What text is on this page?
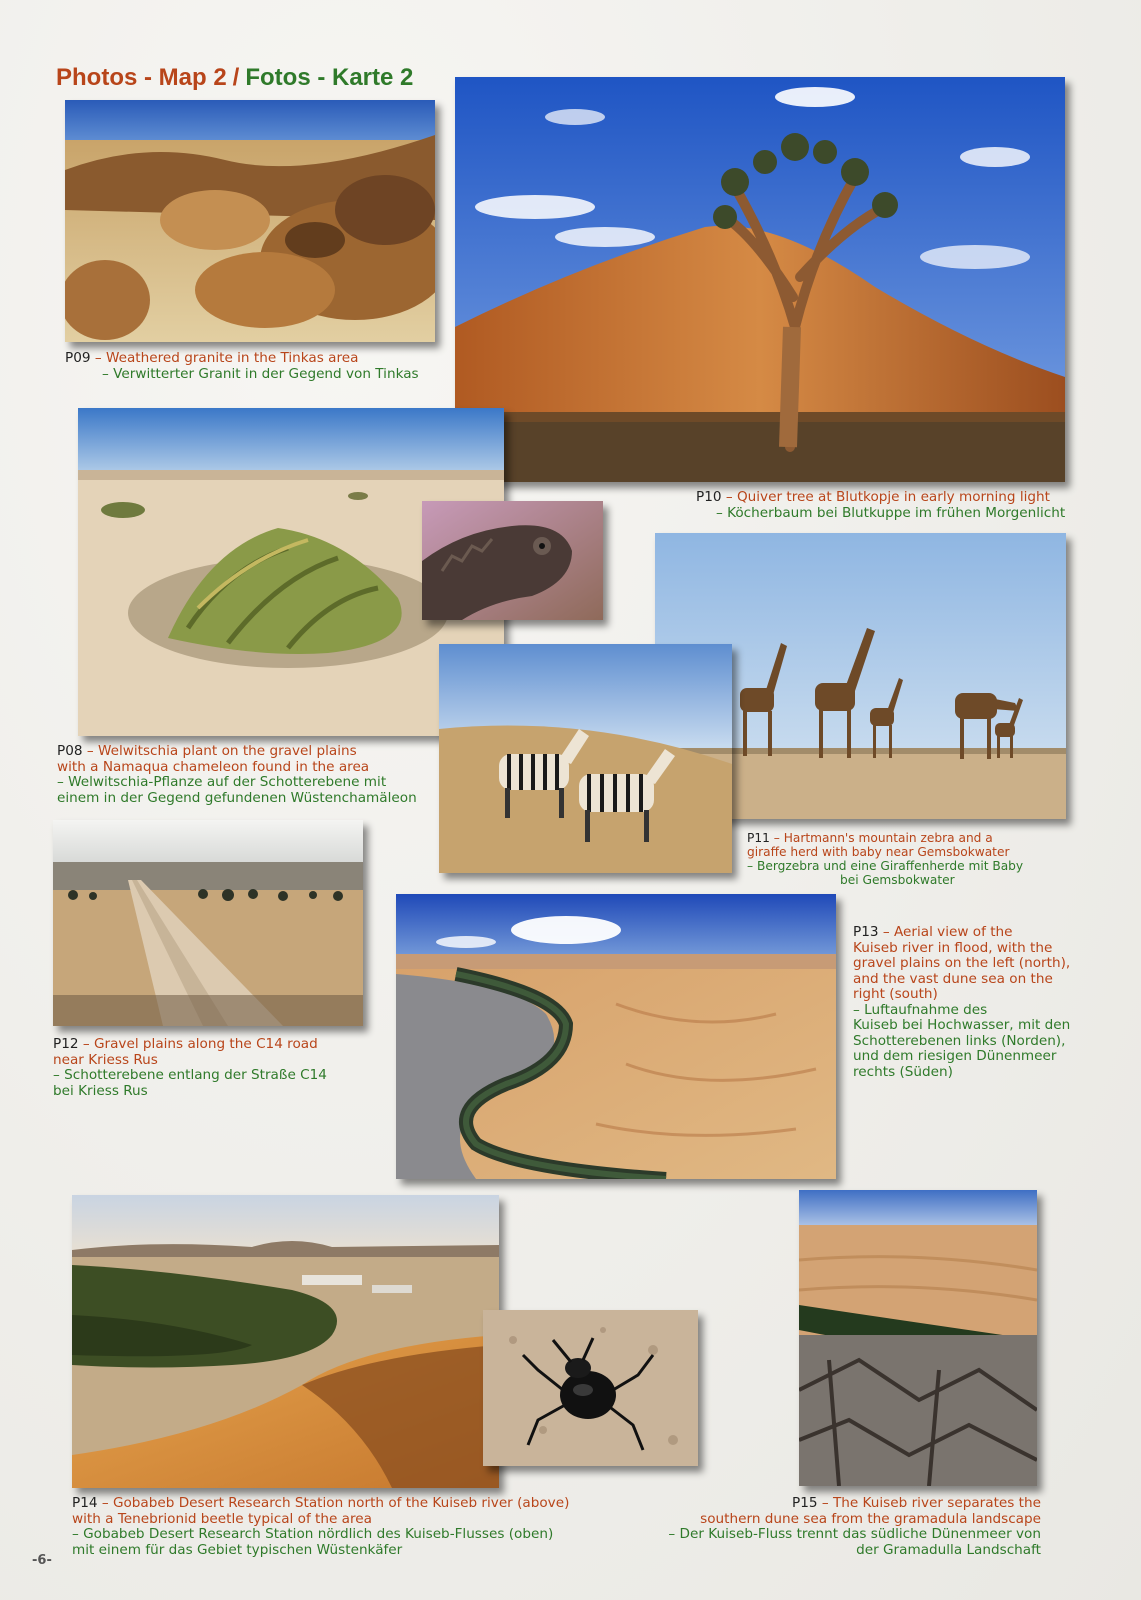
Photos - Map 2 / Fotos - Karte 2
P09 – Weathered granite in the Tinkas area
– Verwitterter Granit in der Gegend von Tinkas
P10 – Quiver tree at Blutkopje in early morning light
– Köcherbaum bei Blutkuppe im frühen Morgenlicht
P08 – Welwitschia plant on the gravel plains
with a Namaqua chameleon found in the area
– Welwitschia-Pflanze auf der Schotterebene mit
einem in der Gegend gefundenen Wüstenchamäleon
P11 – Hartmann's mountain zebra and a
giraffe herd with baby near Gemsbokwater
– Bergzebra und eine Giraffenherde mit Baby
bei Gemsbokwater
P12 – Gravel plains along the C14 road
near Kriess Rus
– Schotterebene entlang der Straße C14
bei Kriess Rus
P13 – Aerial view of the
Kuiseb river in flood, with the
gravel plains on the left (north),
and the vast dune sea on the
right (south)
– Luftaufnahme des
Kuiseb bei Hochwasser, mit den
Schotterebenen links (Norden),
und dem riesigen Dünenmeer
rechts (Süden)
P14 – Gobabeb Desert Research Station north of the Kuiseb river (above)
with a Tenebrionid beetle typical of the area
– Gobabeb Desert Research Station nördlich des Kuiseb-Flusses (oben)
mit einem für das Gebiet typischen Wüstenkäfer
P15 – The Kuiseb river separates the
southern dune sea from the gramadula landscape
– Der Kuiseb-Fluss trennt das südliche Dünenmeer von
der Gramadulla Landschaft
-6-
